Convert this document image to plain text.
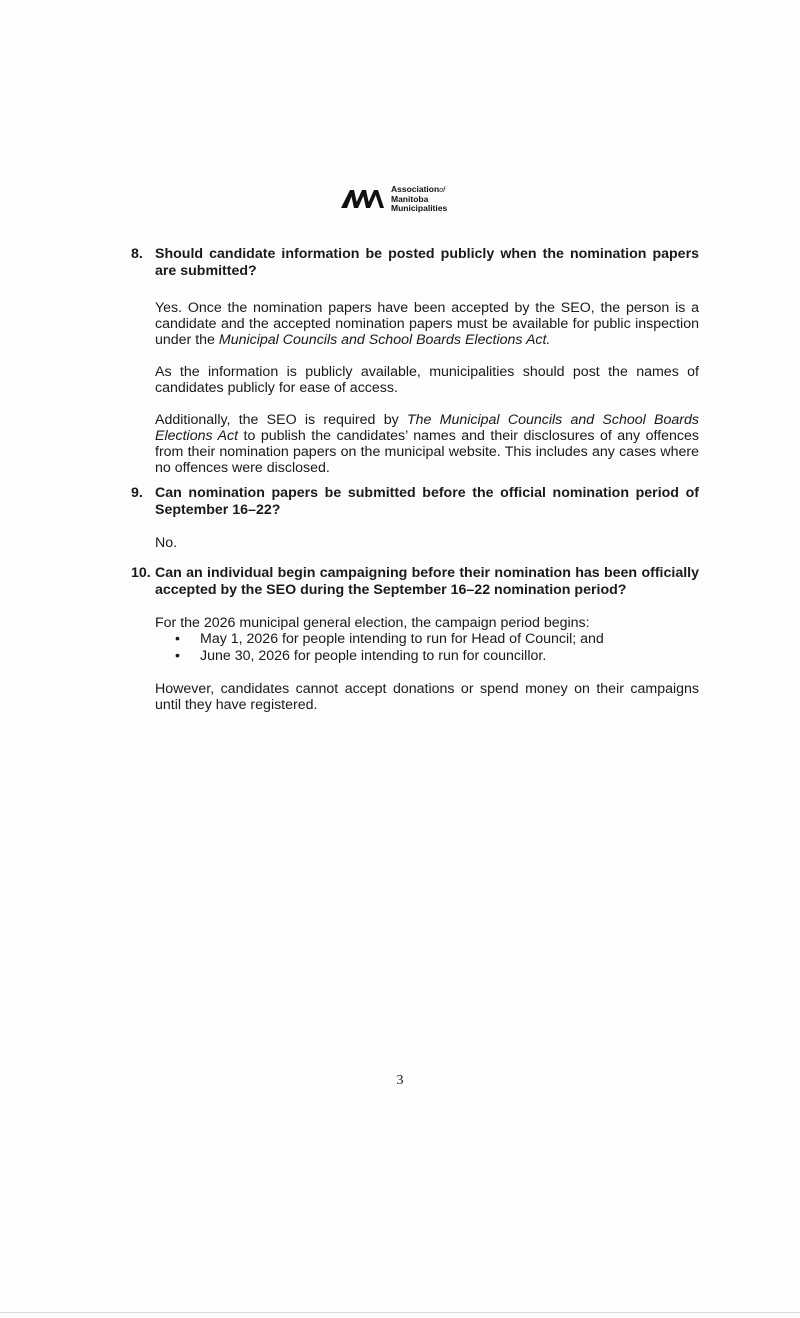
Associationof
Manitoba
Municipalities
8. Should candidate information be posted publicly when the nomination papers are submitted?

Yes. Once the nomination papers have been accepted by the SEO, the person is a candidate and the accepted nomination papers must be available for public inspection under the Municipal Councils and School Boards Elections Act.

As the information is publicly available, municipalities should post the names of candidates publicly for ease of access.

Additionally, the SEO is required by The Municipal Councils and School Boards Elections Act to publish the candidates’ names and their disclosures of any offences from their nomination papers on the municipal website. This includes any cases where no offences were disclosed.

9. Can nomination papers be submitted before the official nomination period of September 16–22?

No.

10. Can an individual begin campaigning before their nomination has been officially accepted by the SEO during the September 16–22 nomination period?

For the 2026 municipal general election, the campaign period begins:

• May 1, 2026 for people intending to run for Head of Council; and
• June 30, 2026 for people intending to run for councillor.

However, candidates cannot accept donations or spend money on their campaigns until they have registered.

3
